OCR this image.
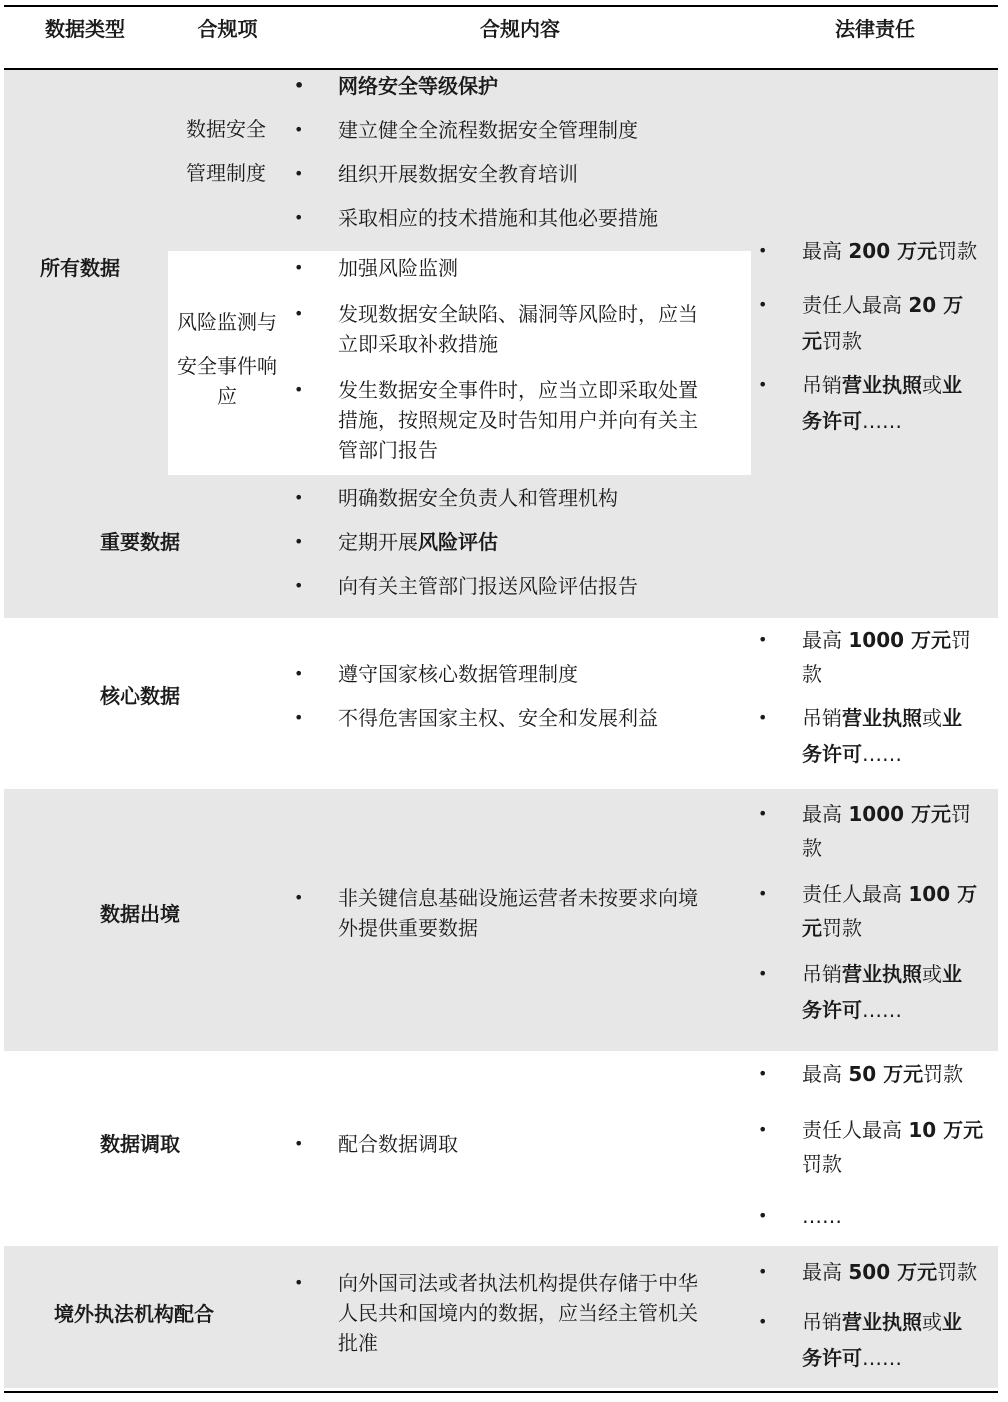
数据类型	合规项	合规内容	法律责任
所有数据
数据安全
管理制度
• 网络安全等级保护
• 建立健全全流程数据安全管理制度
• 组织开展数据安全教育培训
• 采取相应的技术措施和其他必要措施
风险监测与
安全事件响
应
• 加强风险监测
• 发现数据安全缺陷、漏洞等风险时，应当
立即采取补救措施
• 发生数据安全事件时，应当立即采取处置
措施，按照规定及时告知用户并向有关主
管部门报告
• 最高 200 万元罚款
• 责任人最高 20 万
元罚款
• 吊销营业执照或业
务许可……
重要数据
• 明确数据安全负责人和管理机构
• 定期开展风险评估
• 向有关主管部门报送风险评估报告
核心数据
• 遵守国家核心数据管理制度
• 不得危害国家主权、安全和发展利益
• 最高 1000 万元罚
款
• 吊销营业执照或业
务许可……
数据出境
• 非关键信息基础设施运营者未按要求向境
外提供重要数据
• 最高 1000 万元罚
款
• 责任人最高 100 万
元罚款
• 吊销营业执照或业
务许可……
数据调取
•	配合数据调取
• 最高 50 万元罚款
• 责任人最高 10 万元
罚款
• ……
境外执法机构配合
• 向外国司法或者执法机构提供存储于中华
人民共和国境内的数据，应当经主管机关
批准
• 最高 500 万元罚款
• 吊销营业执照或业
务许可……
